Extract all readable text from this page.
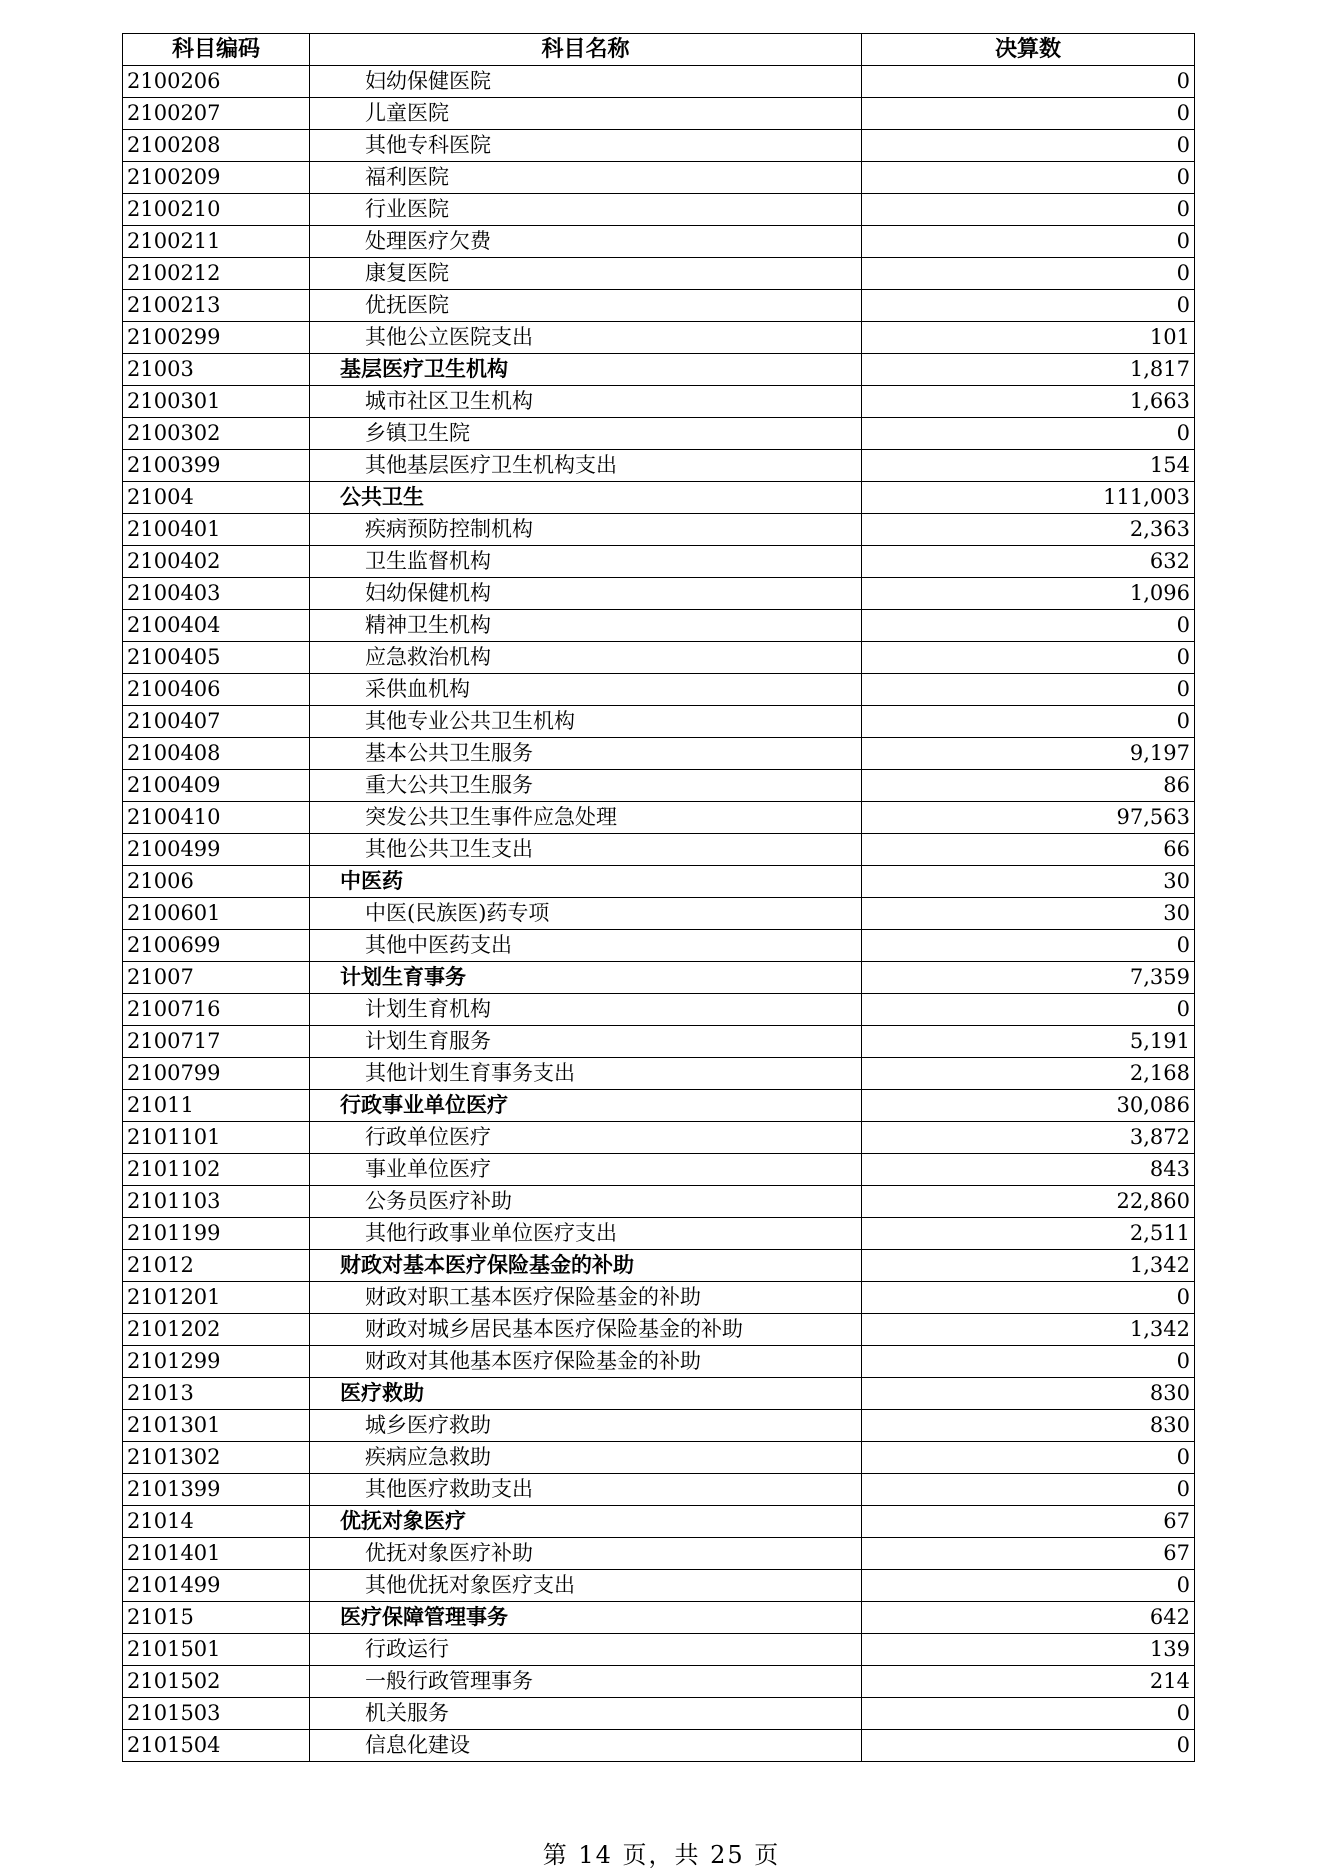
科目编码	科目名称	决算数
2100206	妇幼保健医院	0
2100207	儿童医院	0
2100208	其他专科医院	0
2100209	福利医院	0
2100210	行业医院	0
2100211	处理医疗欠费	0
2100212	康复医院	0
2100213	优抚医院	0
2100299	其他公立医院支出	101
21003	基层医疗卫生机构	1,817
2100301	城市社区卫生机构	1,663
2100302	乡镇卫生院	0
2100399	其他基层医疗卫生机构支出	154
21004	公共卫生	111,003
2100401	疾病预防控制机构	2,363
2100402	卫生监督机构	632
2100403	妇幼保健机构	1,096
2100404	精神卫生机构	0
2100405	应急救治机构	0
2100406	采供血机构	0
2100407	其他专业公共卫生机构	0
2100408	基本公共卫生服务	9,197
2100409	重大公共卫生服务	86
2100410	突发公共卫生事件应急处理	97,563
2100499	其他公共卫生支出	66
21006	中医药	30
2100601	中医(民族医)药专项	30
2100699	其他中医药支出	0
21007	计划生育事务	7,359
2100716	计划生育机构	0
2100717	计划生育服务	5,191
2100799	其他计划生育事务支出	2,168
21011	行政事业单位医疗	30,086
2101101	行政单位医疗	3,872
2101102	事业单位医疗	843
2101103	公务员医疗补助	22,860
2101199	其他行政事业单位医疗支出	2,511
21012	财政对基本医疗保险基金的补助	1,342
2101201	财政对职工基本医疗保险基金的补助	0
2101202	财政对城乡居民基本医疗保险基金的补助	1,342
2101299	财政对其他基本医疗保险基金的补助	0
21013	医疗救助	830
2101301	城乡医疗救助	830
2101302	疾病应急救助	0
2101399	其他医疗救助支出	0
21014	优抚对象医疗	67
2101401	优抚对象医疗补助	67
2101499	其他优抚对象医疗支出	0
21015	医疗保障管理事务	642
2101501	行政运行	139
2101502	一般行政管理事务	214
2101503	机关服务	0
2101504	信息化建设	0
第 14 页，共 25 页
